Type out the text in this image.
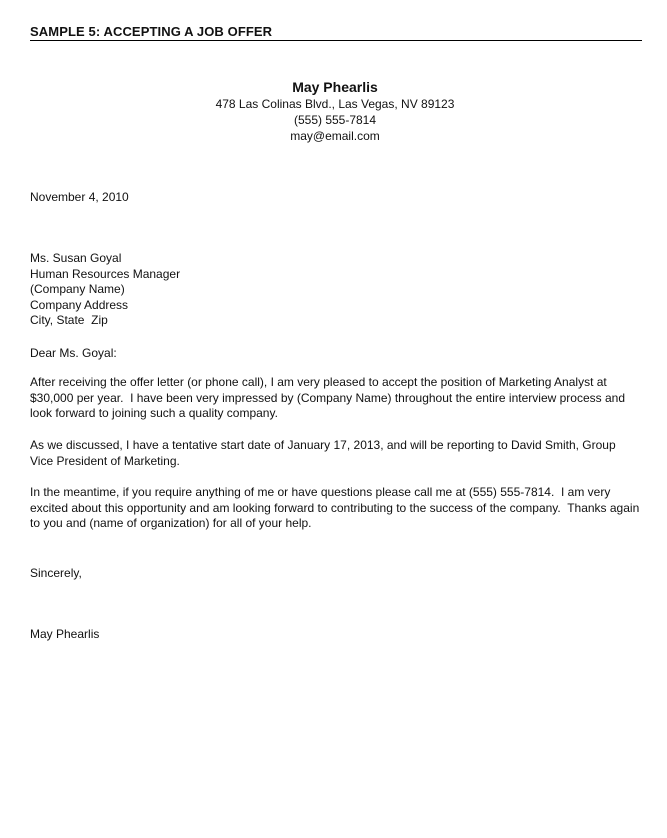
SAMPLE 5: ACCEPTING A JOB OFFER
May Phearlis
478 Las Colinas Blvd., Las Vegas, NV 89123
(555) 555-7814
may@email.com
November 4, 2010
Ms. Susan Goyal
Human Resources Manager
(Company Name)
Company Address
City, State  Zip
Dear Ms. Goyal:

After receiving the offer letter (or phone call), I am very pleased to accept the position of Marketing Analyst at $30,000 per year.  I have been very impressed by (Company Name) throughout the entire interview process and look forward to joining such a quality company.

As we discussed, I have a tentative start date of January 17, 2013, and will be reporting to David Smith, Group Vice President of Marketing.

In the meantime, if you require anything of me or have questions please call me at (555) 555-7814.  I am very excited about this opportunity and am looking forward to contributing to the success of the company.  Thanks again to you and (name of organization) for all of your help.

Sincerely,
May Phearlis
